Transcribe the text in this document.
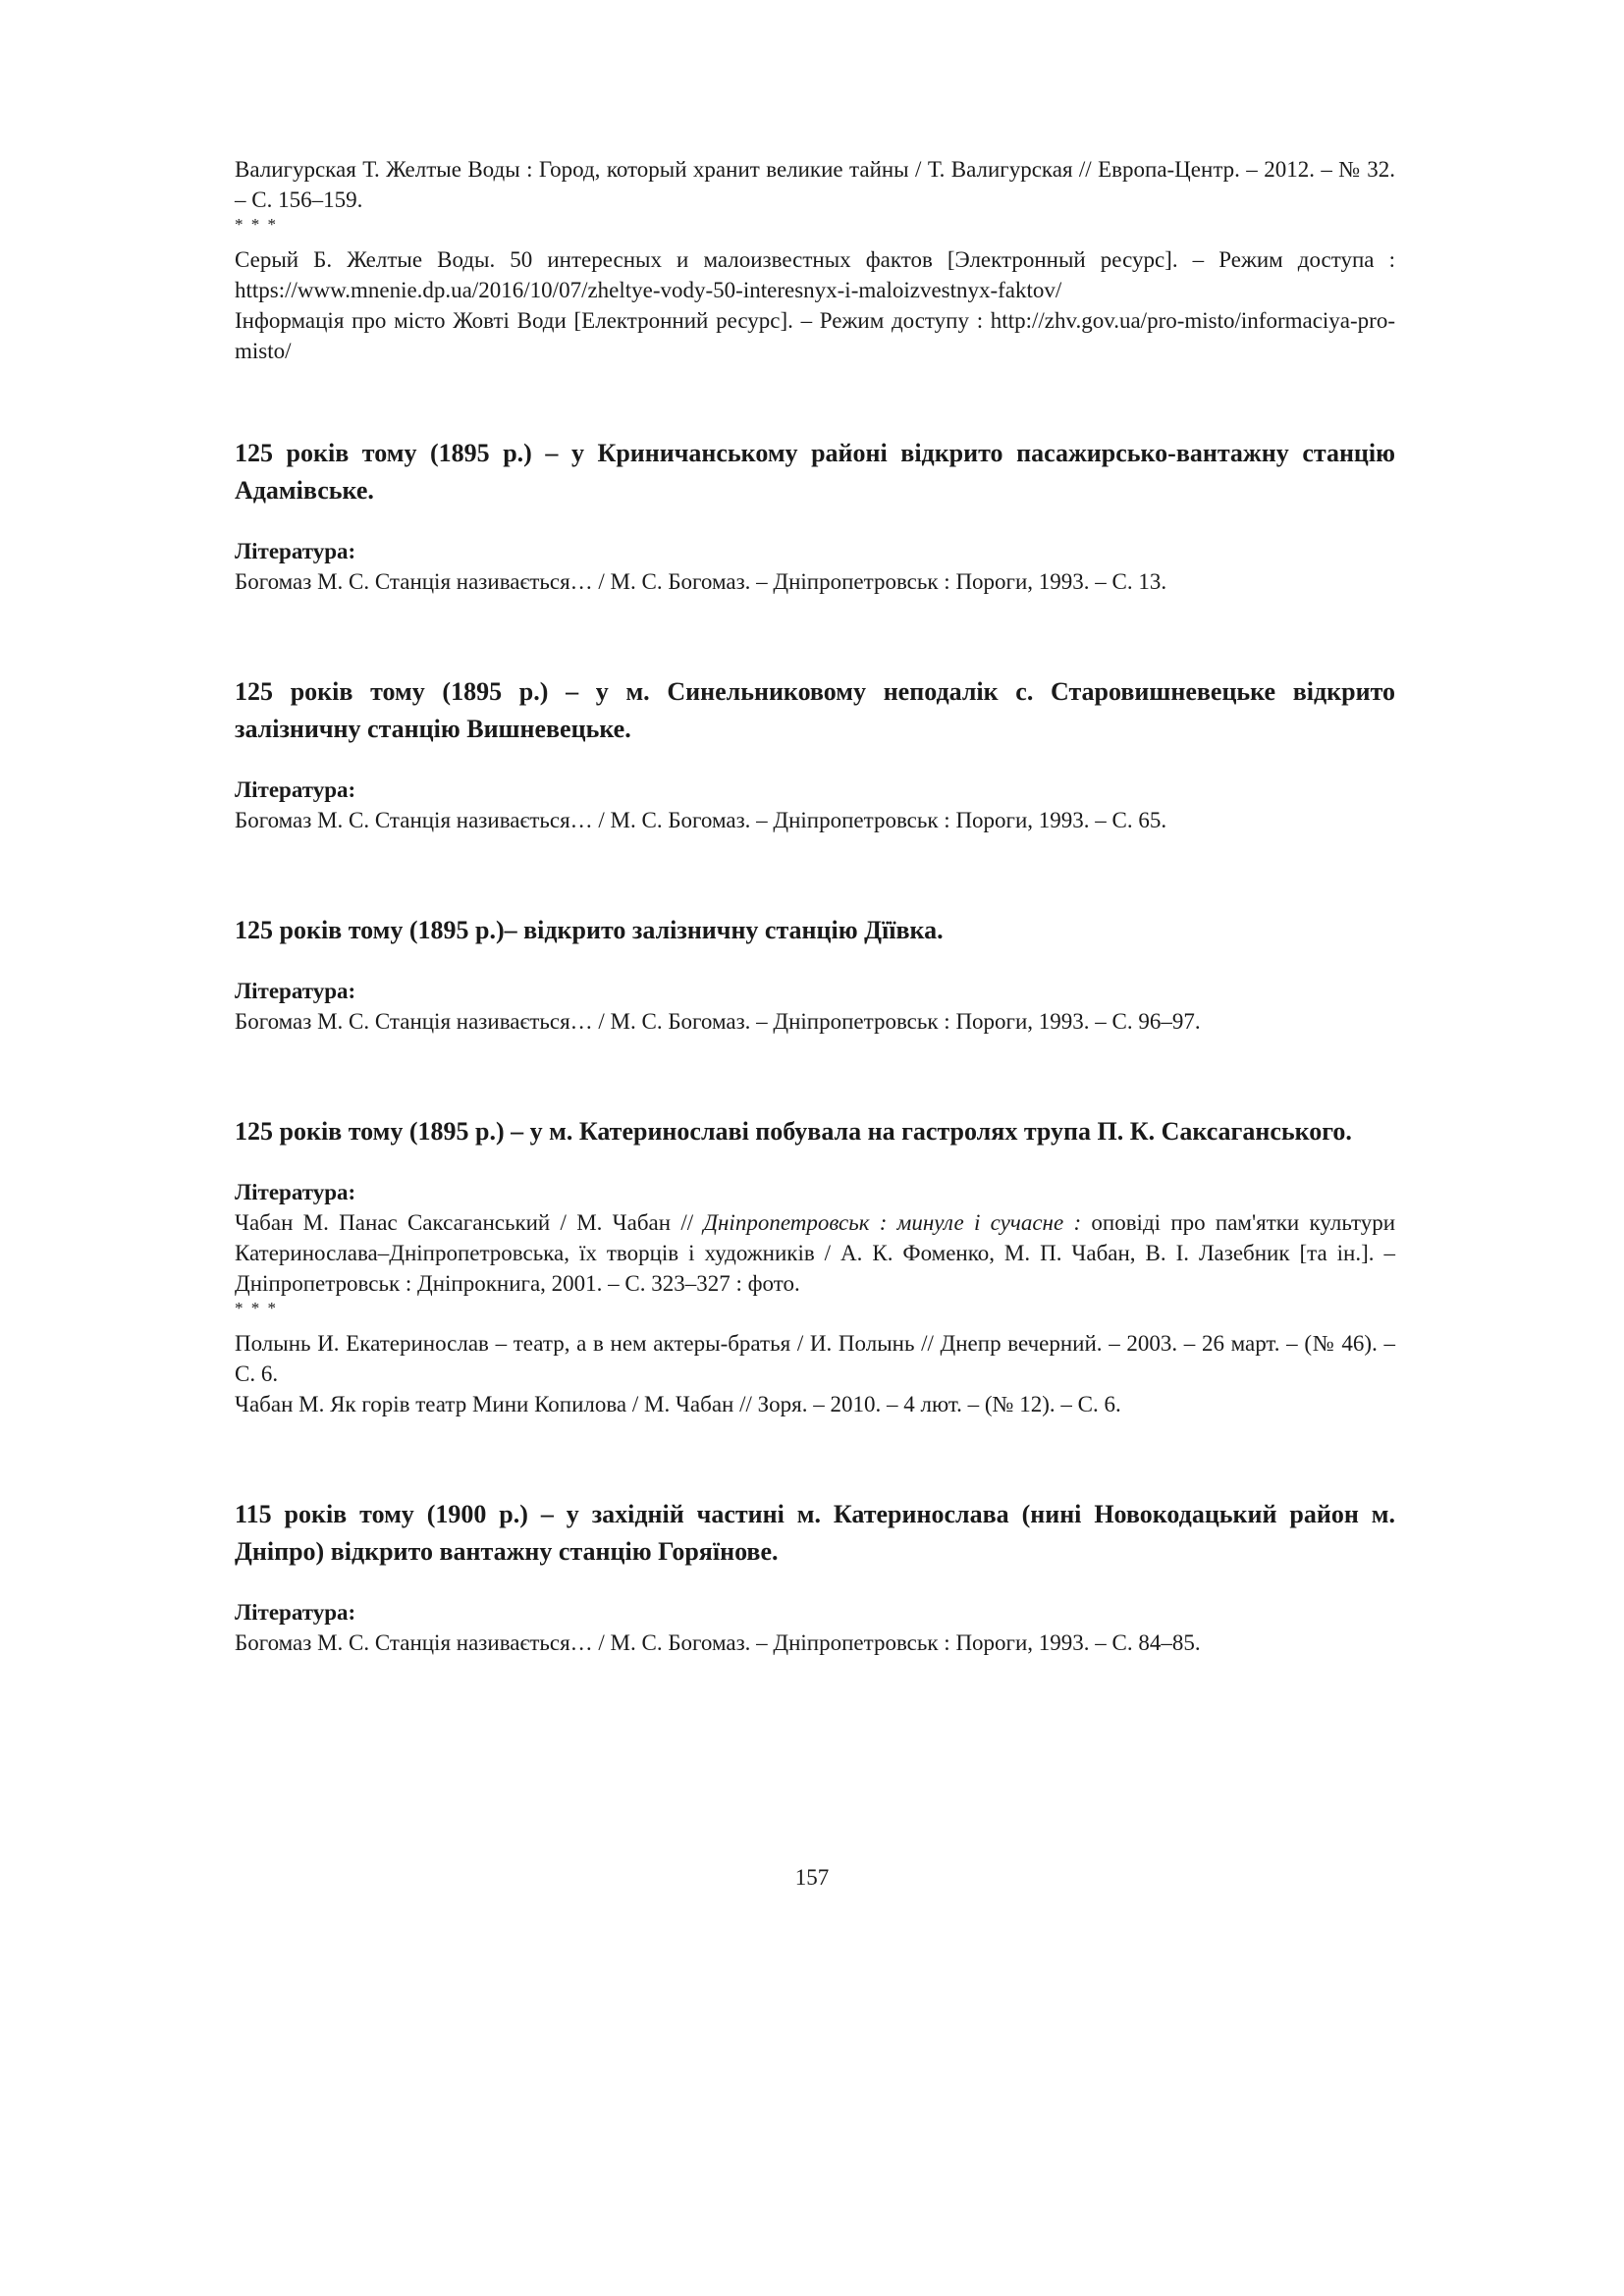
Валигурская Т. Желтые Воды : Город, который хранит великие тайны / Т. Валигурская // Европа-Центр. – 2012. – № 32. – С. 156–159.

* * *

Серый Б. Желтые Воды. 50 интересных и малоизвестных фактов [Электронный ресурс]. – Режим доступа : https://www.mnenie.dp.ua/2016/10/07/zheltye-vody-50-interesnyx-i-maloizvestnyx-faktov/

Інформація про місто Жовті Води [Електронний ресурс]. – Режим доступу : http://zhv.gov.ua/pro-misto/informaciya-pro-misto/

125 років тому (1895 р.) – у Криничанському районі відкрито пасажирсько-вантажну станцію Адамівське.

Література:

Богомаз М. С. Станція називається… / М. С. Богомаз. – Дніпропетровськ : Пороги, 1993. – С. 13.

125 років тому (1895 р.) – у м. Синельниковому неподалік с. Старовишневецьке відкрито залізничну станцію Вишневецьке.

Література:

Богомаз М. С. Станція називається… / М. С. Богомаз. – Дніпропетровськ : Пороги, 1993. – С. 65.

125 років тому (1895 р.)– відкрито залізничну станцію Дїївка.

Література:

Богомаз М. С. Станція називається… / М. С. Богомаз. – Дніпропетровськ : Пороги, 1993. – С. 96–97.

125 років тому (1895 р.) – у м. Катеринославі побувала на гастролях трупа П. К. Саксаганського.

Література:

Чабан М. Панас Саксаганський / М. Чабан // Дніпропетровськ : минуле і сучасне : оповіді про пам'ятки культури Катеринослава–Дніпропетровська, їх творців і художників / А. К. Фоменко, М. П. Чабан, В. І. Лазебник [та ін.]. – Дніпропетровськ : Дніпрокнига, 2001. – С. 323–327 : фото.

* * *

Полынь И. Екатеринослав – театр, а в нем актеры-братья / И. Полынь // Днепр вечерний. – 2003. – 26 март. – (№ 46). – С. 6.

Чабан М. Як горів театр Мини Копилова / М. Чабан // Зоря. – 2010. – 4 лют. – (№ 12). – С. 6.

115 років тому (1900 р.) – у західній частині м. Катеринослава (нині Новокодацький район м. Дніпро) відкрито вантажну станцію Горяїнове.

Література:

Богомаз М. С. Станція називається… / М. С. Богомаз. – Дніпропетровськ : Пороги, 1993. – С. 84–85.

157
